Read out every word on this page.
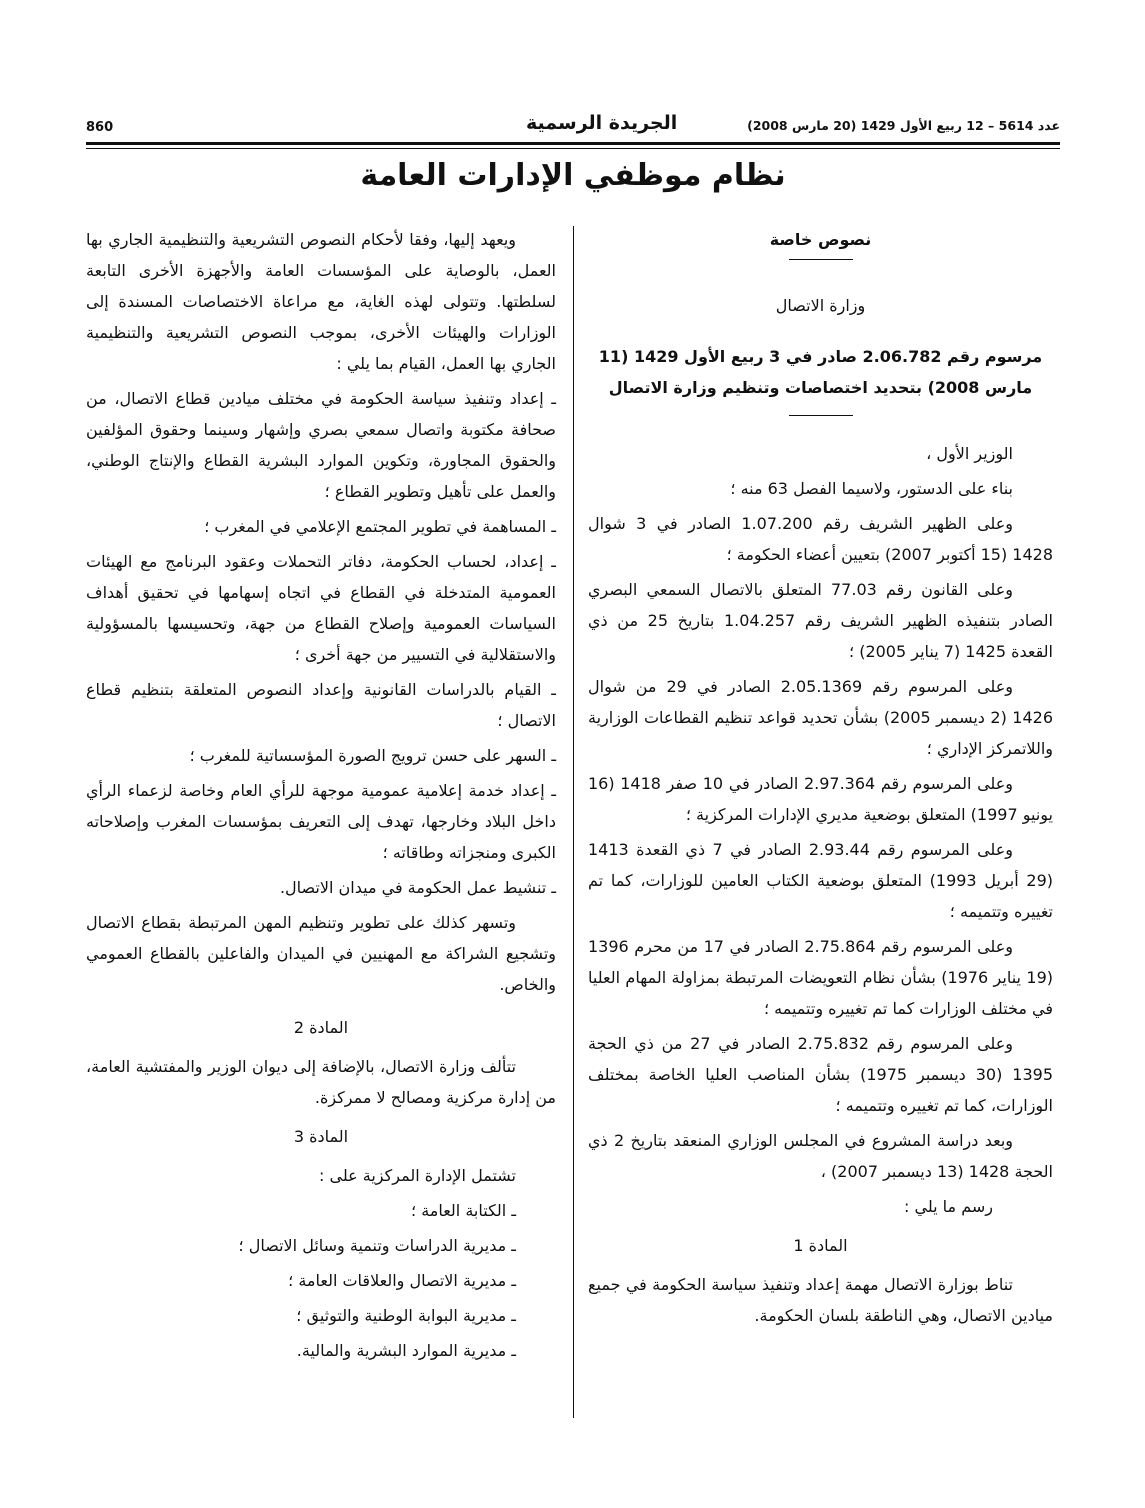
860	الجريدة الرسمية	عدد 5614 – 12 ربيع الأول 1429 (20 مارس 2008)
نظام موظفي الإدارات العامة

نصوص خاصة

وزارة الاتصال

مرسوم رقم 2.06.782 صادر في 3 ربيع الأول 1429 (11 مارس 2008) بتحديد اختصاصات وتنظيم وزارة الاتصال

الوزير الأول ،

بناء على الدستور، ولاسيما الفصل 63 منه ؛

وعلى الظهير الشريف رقم 1.07.200 الصادر في 3 شوال 1428 (15 أكتوبر 2007) بتعيين أعضاء الحكومة ؛

وعلى القانون رقم 77.03 المتعلق بالاتصال السمعي البصري الصادر بتنفيذه الظهير الشريف رقم 1.04.257 بتاريخ 25 من ذي القعدة 1425 (7 يناير 2005) ؛

وعلى المرسوم رقم 2.05.1369 الصادر في 29 من شوال 1426 (2 ديسمبر 2005) بشأن تحديد قواعد تنظيم القطاعات الوزارية واللاتمركز الإداري ؛

وعلى المرسوم رقم 2.97.364 الصادر في 10 صفر 1418 (16 يونيو 1997) المتعلق بوضعية مديري الإدارات المركزية ؛

وعلى المرسوم رقم 2.93.44 الصادر في 7 ذي القعدة 1413 (29 أبريل 1993) المتعلق بوضعية الكتاب العامين للوزارات، كما تم تغييره وتتميمه ؛

وعلى المرسوم رقم 2.75.864 الصادر في 17 من محرم 1396 (19 يناير 1976) بشأن نظام التعويضات المرتبطة بمزاولة المهام العليا في مختلف الوزارات كما تم تغييره وتتميمه ؛

وعلى المرسوم رقم 2.75.832 الصادر في 27 من ذي الحجة 1395 (30 ديسمبر 1975) بشأن المناصب العليا الخاصة بمختلف الوزارات، كما تم تغييره وتتميمه ؛

وبعد دراسة المشروع في المجلس الوزاري المنعقد بتاريخ 2 ذي الحجة 1428 (13 ديسمبر 2007) ،

رسم ما يلي :

المادة 1

تناط بوزارة الاتصال مهمة إعداد وتنفيذ سياسة الحكومة في جميع ميادين الاتصال، وهي الناطقة بلسان الحكومة.

ويعهد إليها، وفقا لأحكام النصوص التشريعية والتنظيمية الجاري بها العمل، بالوصاية على المؤسسات العامة والأجهزة الأخرى التابعة لسلطتها. وتتولى لهذه الغاية، مع مراعاة الاختصاصات المسندة إلى الوزارات والهيئات الأخرى، بموجب النصوص التشريعية والتنظيمية الجاري بها العمل، القيام بما يلي :

ـ إعداد وتنفيذ سياسة الحكومة في مختلف ميادين قطاع الاتصال، من صحافة مكتوبة واتصال سمعي بصري وإشهار وسينما وحقوق المؤلفين والحقوق المجاورة، وتكوين الموارد البشرية القطاع والإنتاج الوطني، والعمل على تأهيل وتطوير القطاع ؛

ـ المساهمة في تطوير المجتمع الإعلامي في المغرب ؛

ـ إعداد، لحساب الحكومة، دفاتر التحملات وعقود البرنامج مع الهيئات العمومية المتدخلة في القطاع في اتجاه إسهامها في تحقيق أهداف السياسات العمومية وإصلاح القطاع من جهة، وتحسيسها بالمسؤولية والاستقلالية في التسيير من جهة أخرى ؛

ـ القيام بالدراسات القانونية وإعداد النصوص المتعلقة بتنظيم قطاع الاتصال ؛

ـ السهر على حسن ترويج الصورة المؤسساتية للمغرب ؛

ـ إعداد خدمة إعلامية عمومية موجهة للرأي العام وخاصة لزعماء الرأي داخل البلاد وخارجها، تهدف إلى التعريف بمؤسسات المغرب وإصلاحاته الكبرى ومنجزاته وطاقاته ؛

ـ تنشيط عمل الحكومة في ميدان الاتصال.

وتسهر كذلك على تطوير وتنظيم المهن المرتبطة بقطاع الاتصال وتشجيع الشراكة مع المهنيين في الميدان والفاعلين بالقطاع العمومي والخاص.

المادة 2

تتألف وزارة الاتصال، بالإضافة إلى ديوان الوزير والمفتشية العامة، من إدارة مركزية ومصالح لا ممركزة.

المادة 3

تشتمل الإدارة المركزية على :

ـ الكتابة العامة ؛

ـ مديرية الدراسات وتنمية وسائل الاتصال ؛

ـ مديرية الاتصال والعلاقات العامة ؛

ـ مديرية البوابة الوطنية والتوثيق ؛

ـ مديرية الموارد البشرية والمالية.
